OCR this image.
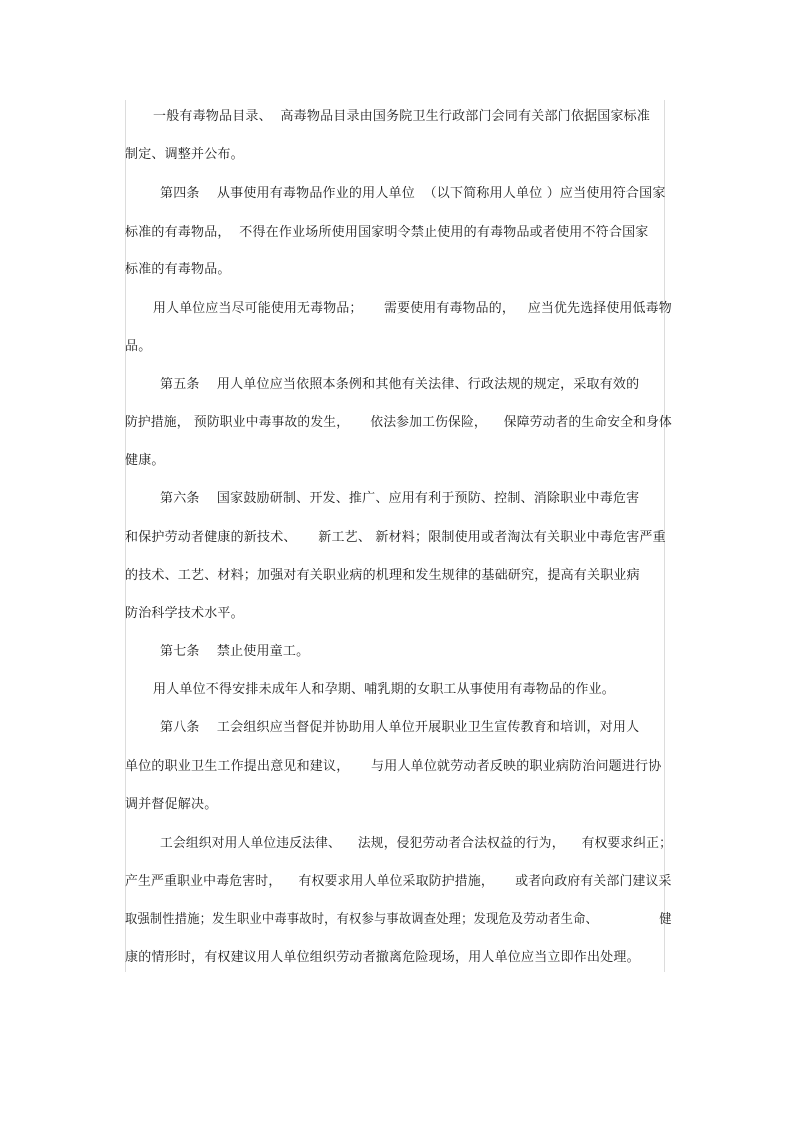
一般有毒物品目录、  高毒物品目录由国务院卫生行政部门会同有关部门依据国家标准
制定、调整并公布。
第四条    从事使用有毒物品作业的用人单位  （以下简称用人单位 ）应当使用符合国家
标准的有毒物品，  不得在作业场所使用国家明令禁止使用的有毒物品或者使用不符合国家
标准的有毒物品。
用人单位应当尽可能使用无毒物品；     需要使用有毒物品的，   应当优先选择使用低毒物
品。
第五条    用人单位应当依照本条例和其他有关法律、行政法规的规定，采取有效的
防护措施， 预防职业中毒事故的发生，     依法参加工伤保险，    保障劳动者的生命安全和身体
健康。
第六条    国家鼓励研制、开发、推广、应用有利于预防、控制、消除职业中毒危害
和保护劳动者健康的新技术、     新工艺、 新材料；限制使用或者淘汰有关职业中毒危害严重
的技术、工艺、材料；加强对有关职业病的机理和发生规律的基础研究，提高有关职业病
防治科学技术水平。
第七条    禁止使用童工。
用人单位不得安排未成年人和孕期、哺乳期的女职工从事使用有毒物品的作业。
第八条    工会组织应当督促并协助用人单位开展职业卫生宣传教育和培训，对用人
单位的职业卫生工作提出意见和建议，     与用人单位就劳动者反映的职业病防治问题进行协
调并督促解决。
工会组织对用人单位违反法律、    法规，侵犯劳动者合法权益的行为，    有权要求纠正；
产生严重职业中毒危害时，    有权要求用人单位采取防护措施，     或者向政府有关部门建议采
取强制性措施；发生职业中毒事故时，有权参与事故调查处理；发现危及劳动者生命、               健
康的情形时，有权建议用人单位组织劳动者撤离危险现场，用人单位应当立即作出处理。
